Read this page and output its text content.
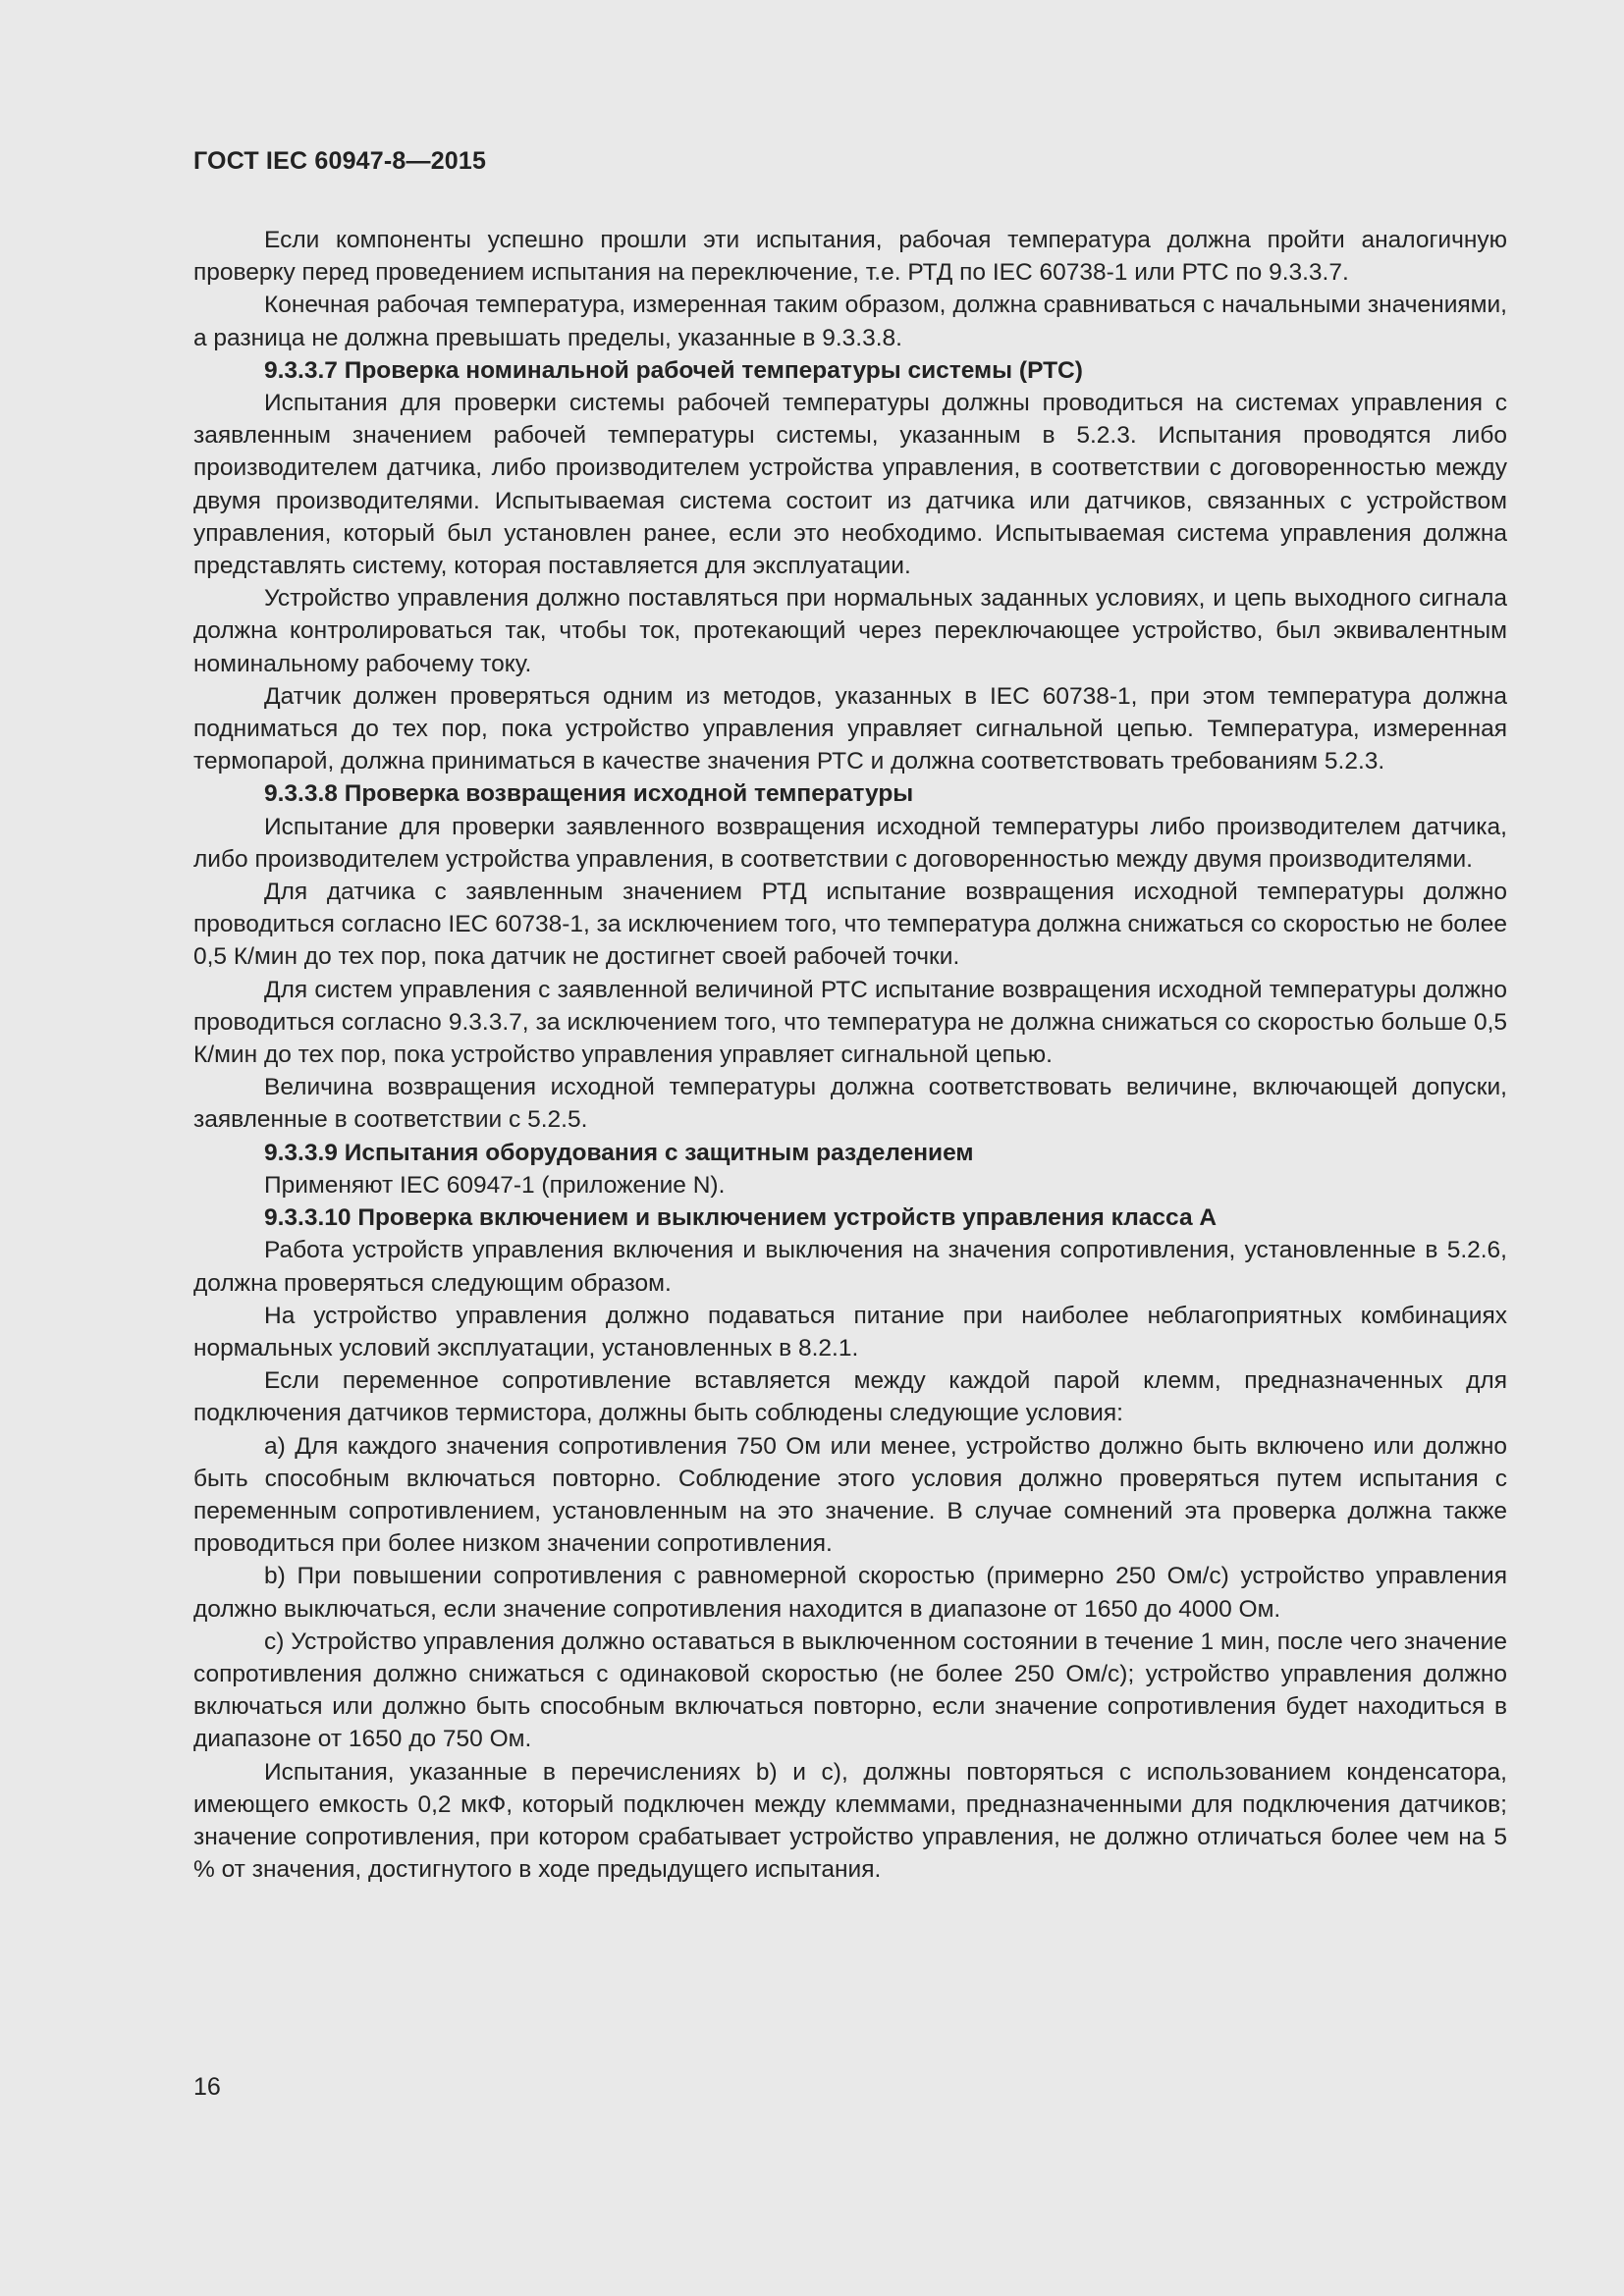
ГОСТ IEC 60947-8—2015

Если компоненты успешно прошли эти испытания, рабочая температура должна пройти аналогичную проверку перед проведением испытания на переключение, т.е. РТД по IEC 60738-1 или РТС по 9.3.3.7.

Конечная рабочая температура, измеренная таким образом, должна сравниваться с начальными значениями, а разница не должна превышать пределы, указанные в 9.3.3.8.

9.3.3.7 Проверка номинальной рабочей температуры системы (РТС)

Испытания для проверки системы рабочей температуры должны проводиться на системах управления с заявленным значением рабочей температуры системы, указанным в 5.2.3. Испытания проводятся либо производителем датчика, либо производителем устройства управления, в соответствии с договоренностью между двумя производителями. Испытываемая система состоит из датчика или датчиков, связанных с устройством управления, который был установлен ранее, если это необходимо. Испытываемая система управления должна представлять систему, которая поставляется для эксплуатации.

Устройство управления должно поставляться при нормальных заданных условиях, и цепь выходного сигнала должна контролироваться так, чтобы ток, протекающий через переключающее устройство, был эквивалентным номинальному рабочему току.

Датчик должен проверяться одним из методов, указанных в IEC 60738-1, при этом температура должна подниматься до тех пор, пока устройство управления управляет сигнальной цепью. Температура, измеренная термопарой, должна приниматься в качестве значения РТС и должна соответствовать требованиям 5.2.3.

9.3.3.8 Проверка возвращения исходной температуры

Испытание для проверки заявленного возвращения исходной температуры либо производителем датчика, либо производителем устройства управления, в соответствии с договоренностью между двумя производителями.

Для датчика с заявленным значением РТД испытание возвращения исходной температуры должно проводиться согласно IEC 60738-1, за исключением того, что температура должна снижаться со скоростью не более 0,5 К/мин до тех пор, пока датчик не достигнет своей рабочей точки.

Для систем управления с заявленной величиной РТС испытание возвращения исходной температуры должно проводиться согласно 9.3.3.7, за исключением того, что температура не должна снижаться со скоростью больше 0,5 К/мин до тех пор, пока устройство управления управляет сигнальной цепью.

Величина возвращения исходной температуры должна соответствовать величине, включающей допуски, заявленные в соответствии с 5.2.5.

9.3.3.9 Испытания оборудования с защитным разделением

Применяют IEC 60947-1 (приложение N).

9.3.3.10 Проверка включением и выключением устройств управления класса А

Работа устройств управления включения и выключения на значения сопротивления, установленные в 5.2.6, должна проверяться следующим образом.

На устройство управления должно подаваться питание при наиболее неблагоприятных комбинациях нормальных условий эксплуатации, установленных в 8.2.1.

Если переменное сопротивление вставляется между каждой парой клемм, предназначенных для подключения датчиков термистора, должны быть соблюдены следующие условия:

a) Для каждого значения сопротивления 750 Ом или менее, устройство должно быть включено или должно быть способным включаться повторно. Соблюдение этого условия должно проверяться путем испытания с переменным сопротивлением, установленным на это значение. В случае сомнений эта проверка должна также проводиться при более низком значении сопротивления.

b) При повышении сопротивления с равномерной скоростью (примерно 250 Ом/с) устройство управления должно выключаться, если значение сопротивления находится в диапазоне от 1650 до 4000 Ом.

c) Устройство управления должно оставаться в выключенном состоянии в течение 1 мин, после чего значение сопротивления должно снижаться с одинаковой скоростью (не более 250 Ом/с); устройство управления должно включаться или должно быть способным включаться повторно, если значение сопротивления будет находиться в диапазоне от 1650 до 750 Ом.

Испытания, указанные в перечислениях b) и c), должны повторяться с использованием конденсатора, имеющего емкость 0,2 мкФ, который подключен между клеммами, предназначенными для подключения датчиков; значение сопротивления, при котором срабатывает устройство управления, не должно отличаться более чем на 5 % от значения, достигнутого в ходе предыдущего испытания.

16
